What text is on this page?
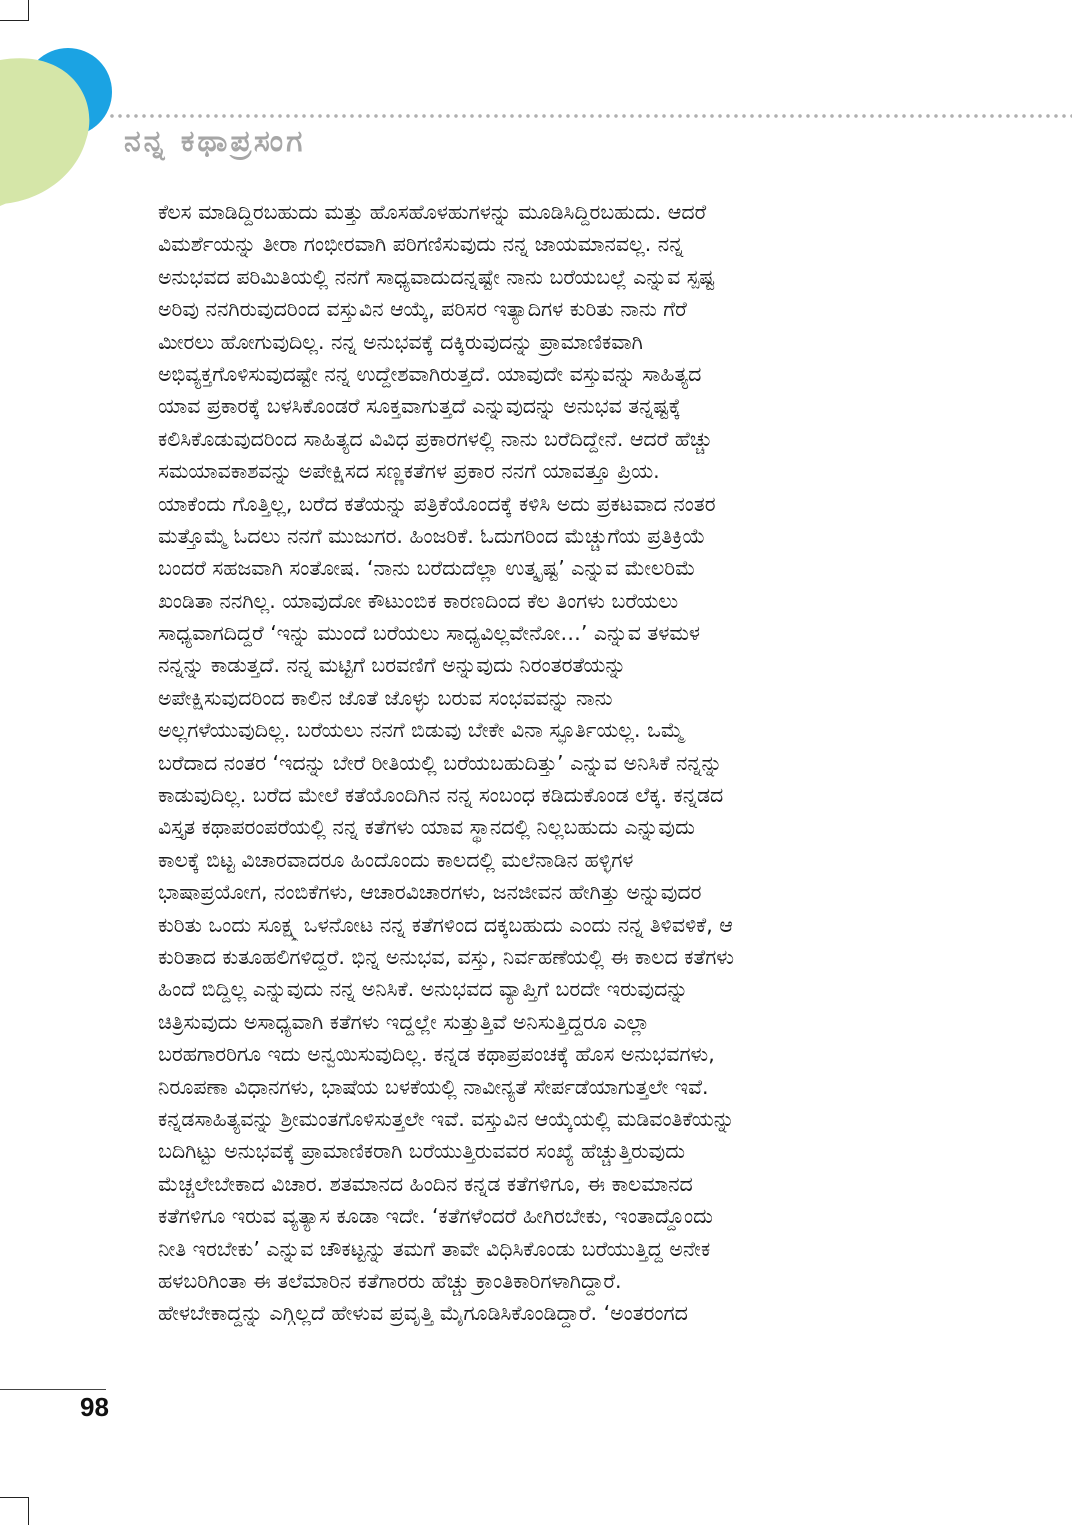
ನನ್ನ ಕಥಾಪ್ರಸಂಗ
ಕೆಲಸ ಮಾಡಿದ್ದಿರಬಹುದು ಮತ್ತು ಹೊಸಹೊಳಹುಗಳನ್ನು ಮೂಡಿಸಿದ್ದಿರಬಹುದು. ಆದರೆ
ವಿಮರ್ಶೆಯನ್ನು ತೀರಾ ಗಂಭೀರವಾಗಿ ಪರಿಗಣಿಸುವುದು ನನ್ನ ಜಾಯಮಾನವಲ್ಲ. ನನ್ನ
ಅನುಭವದ ಪರಿಮಿತಿಯಲ್ಲಿ ನನಗೆ ಸಾಧ್ಯವಾದುದನ್ನಷ್ಟೇ ನಾನು ಬರೆಯಬಲ್ಲೆ ಎನ್ನುವ ಸ್ಪಷ್ಟ
ಅರಿವು ನನಗಿರುವುದರಿಂದ ವಸ್ತುವಿನ ಆಯ್ಕೆ, ಪರಿಸರ ಇತ್ಯಾದಿಗಳ ಕುರಿತು ನಾನು ಗೆರೆ
ಮೀರಲು ಹೋಗುವುದಿಲ್ಲ. ನನ್ನ ಅನುಭವಕ್ಕೆ ದಕ್ಕಿರುವುದನ್ನು ಪ್ರಾಮಾಣಿಕವಾಗಿ
ಅಭಿವ್ಯಕ್ತಗೊಳಿಸುವುದಷ್ಟೇ ನನ್ನ ಉದ್ದೇಶವಾಗಿರುತ್ತದೆ. ಯಾವುದೇ ವಸ್ತುವನ್ನು ಸಾಹಿತ್ಯದ
ಯಾವ ಪ್ರಕಾರಕ್ಕೆ ಬಳಸಿಕೊಂಡರೆ ಸೂಕ್ತವಾಗುತ್ತದೆ ಎನ್ನುವುದನ್ನು ಅನುಭವ ತನ್ನಷ್ಟಕ್ಕೆ
ಕಲಿಸಿಕೊಡುವುದರಿಂದ ಸಾಹಿತ್ಯದ ವಿವಿಧ ಪ್ರಕಾರಗಳಲ್ಲಿ ನಾನು ಬರೆದಿದ್ದೇನೆ. ಆದರೆ ಹೆಚ್ಚು
ಸಮಯಾವಕಾಶವನ್ನು ಅಪೇಕ್ಷಿಸದ ಸಣ್ಣಕತೆಗಳ ಪ್ರಕಾರ ನನಗೆ ಯಾವತ್ತೂ ಪ್ರಿಯ.
ಯಾಕೆಂದು ಗೊತ್ತಿಲ್ಲ, ಬರೆದ ಕತೆಯನ್ನು ಪತ್ರಿಕೆಯೊಂದಕ್ಕೆ ಕಳಿಸಿ ಅದು ಪ್ರಕಟವಾದ ನಂತರ
ಮತ್ತೊಮ್ಮೆ ಓದಲು ನನಗೆ ಮುಜುಗರ. ಹಿಂಜರಿಕೆ. ಓದುಗರಿಂದ ಮೆಚ್ಚುಗೆಯ ಪ್ರತಿಕ್ರಿಯೆ
ಬಂದರೆ ಸಹಜವಾಗಿ ಸಂತೋಷ. ‘ನಾನು ಬರೆದುದೆಲ್ಲಾ ಉತ್ಕೃಷ್ಟ’ ಎನ್ನುವ ಮೇಲರಿಮೆ
ಖಂಡಿತಾ ನನಗಿಲ್ಲ. ಯಾವುದೋ ಕೌಟುಂಬಿಕ ಕಾರಣದಿಂದ ಕೆಲ ತಿಂಗಳು ಬರೆಯಲು
ಸಾಧ್ಯವಾಗದಿದ್ದರೆ ‘ಇನ್ನು ಮುಂದೆ ಬರೆಯಲು ಸಾಧ್ಯವಿಲ್ಲವೇನೋ…’ ಎನ್ನುವ ತಳಮಳ
ನನ್ನನ್ನು ಕಾಡುತ್ತದೆ. ನನ್ನ ಮಟ್ಟಿಗೆ ಬರವಣಿಗೆ ಅನ್ನುವುದು ನಿರಂತರತೆಯನ್ನು
ಅಪೇಕ್ಷಿಸುವುದರಿಂದ ಕಾಲಿನ ಜೊತೆ ಜೊಳ್ಳು ಬರುವ ಸಂಭವವನ್ನು ನಾನು
ಅಲ್ಲಗಳೆಯುವುದಿಲ್ಲ. ಬರೆಯಲು ನನಗೆ ಬಿಡುವು ಬೇಕೇ ವಿನಾ ಸ್ಫೂರ್ತಿಯಲ್ಲ. ಒಮ್ಮೆ
ಬರೆದಾದ ನಂತರ ‘ಇದನ್ನು ಬೇರೆ ರೀತಿಯಲ್ಲಿ ಬರೆಯಬಹುದಿತ್ತು’ ಎನ್ನುವ ಅನಿಸಿಕೆ ನನ್ನನ್ನು
ಕಾಡುವುದಿಲ್ಲ. ಬರೆದ ಮೇಲೆ ಕತೆಯೊಂದಿಗಿನ ನನ್ನ ಸಂಬಂಧ ಕಡಿದುಕೊಂಡ ಲೆಕ್ಕ. ಕನ್ನಡದ
ವಿಸ್ತೃತ ಕಥಾಪರಂಪರೆಯಲ್ಲಿ ನನ್ನ ಕತೆಗಳು ಯಾವ ಸ್ಥಾನದಲ್ಲಿ ನಿಲ್ಲಬಹುದು ಎನ್ನುವುದು
ಕಾಲಕ್ಕೆ ಬಿಟ್ಟ ವಿಚಾರವಾದರೂ ಹಿಂದೊಂದು ಕಾಲದಲ್ಲಿ ಮಲೆನಾಡಿನ ಹಳ್ಳಿಗಳ
ಭಾಷಾಪ್ರಯೋಗ, ನಂಬಿಕೆಗಳು, ಆಚಾರವಿಚಾರಗಳು, ಜನಜೀವನ ಹೇಗಿತ್ತು ಅನ್ನುವುದರ
ಕುರಿತು ಒಂದು ಸೂಕ್ಷ್ಮ ಒಳನೋಟ ನನ್ನ ಕತೆಗಳಿಂದ ದಕ್ಕಬಹುದು ಎಂದು ನನ್ನ ತಿಳಿವಳಿಕೆ, ಆ
ಕುರಿತಾದ ಕುತೂಹಲಿಗಳಿದ್ದರೆ. ಭಿನ್ನ ಅನುಭವ, ವಸ್ತು, ನಿರ್ವಹಣೆಯಲ್ಲಿ ಈ ಕಾಲದ ಕತೆಗಳು
ಹಿಂದೆ ಬಿದ್ದಿಲ್ಲ ಎನ್ನುವುದು ನನ್ನ ಅನಿಸಿಕೆ. ಅನುಭವದ ವ್ಯಾಪ್ತಿಗೆ ಬರದೇ ಇರುವುದನ್ನು
ಚಿತ್ರಿಸುವುದು ಅಸಾಧ್ಯವಾಗಿ ಕತೆಗಳು ಇದ್ದಲ್ಲೇ ಸುತ್ತುತ್ತಿವೆ ಅನಿಸುತ್ತಿದ್ದರೂ ಎಲ್ಲಾ
ಬರಹಗಾರರಿಗೂ ಇದು ಅನ್ವಯಿಸುವುದಿಲ್ಲ. ಕನ್ನಡ ಕಥಾಪ್ರಪಂಚಕ್ಕೆ ಹೊಸ ಅನುಭವಗಳು,
ನಿರೂಪಣಾ ವಿಧಾನಗಳು, ಭಾಷೆಯ ಬಳಕೆಯಲ್ಲಿ ನಾವೀನ್ಯತೆ ಸೇರ್ಪಡೆಯಾಗುತ್ತಲೇ ಇವೆ.
ಕನ್ನಡಸಾಹಿತ್ಯವನ್ನು ಶ್ರೀಮಂತಗೊಳಿಸುತ್ತಲೇ ಇವೆ. ವಸ್ತುವಿನ ಆಯ್ಕೆಯಲ್ಲಿ ಮಡಿವಂತಿಕೆಯನ್ನು
ಬದಿಗಿಟ್ಟು ಅನುಭವಕ್ಕೆ ಪ್ರಾಮಾಣಿಕರಾಗಿ ಬರೆಯುತ್ತಿರುವವರ ಸಂಖ್ಯೆ ಹೆಚ್ಚುತ್ತಿರುವುದು
ಮೆಚ್ಚಲೇಬೇಕಾದ ವಿಚಾರ. ಶತಮಾನದ ಹಿಂದಿನ ಕನ್ನಡ ಕತೆಗಳಿಗೂ, ಈ ಕಾಲಮಾನದ
ಕತೆಗಳಿಗೂ ಇರುವ ವ್ಯತ್ಯಾಸ ಕೂಡಾ ಇದೇ. ‘ಕತೆಗಳೆಂದರೆ ಹೀಗಿರಬೇಕು, ಇಂತಾದ್ದೊಂದು
ನೀತಿ ಇರಬೇಕು’ ಎನ್ನುವ ಚೌಕಟ್ಟನ್ನು ತಮಗೆ ತಾವೇ ವಿಧಿಸಿಕೊಂಡು ಬರೆಯುತ್ತಿದ್ದ ಅನೇಕ
ಹಳಬರಿಗಿಂತಾ ಈ ತಲೆಮಾರಿನ ಕತೆಗಾರರು ಹೆಚ್ಚು ಕ್ರಾಂತಿಕಾರಿಗಳಾಗಿದ್ದಾರೆ.
ಹೇಳಬೇಕಾದ್ದನ್ನು ಎಗ್ಗಿಲ್ಲದೆ ಹೇಳುವ ಪ್ರವೃತ್ತಿ ಮೈಗೂಡಿಸಿಕೊಂಡಿದ್ದಾರೆ. ‘ಅಂತರಂಗದ
98
